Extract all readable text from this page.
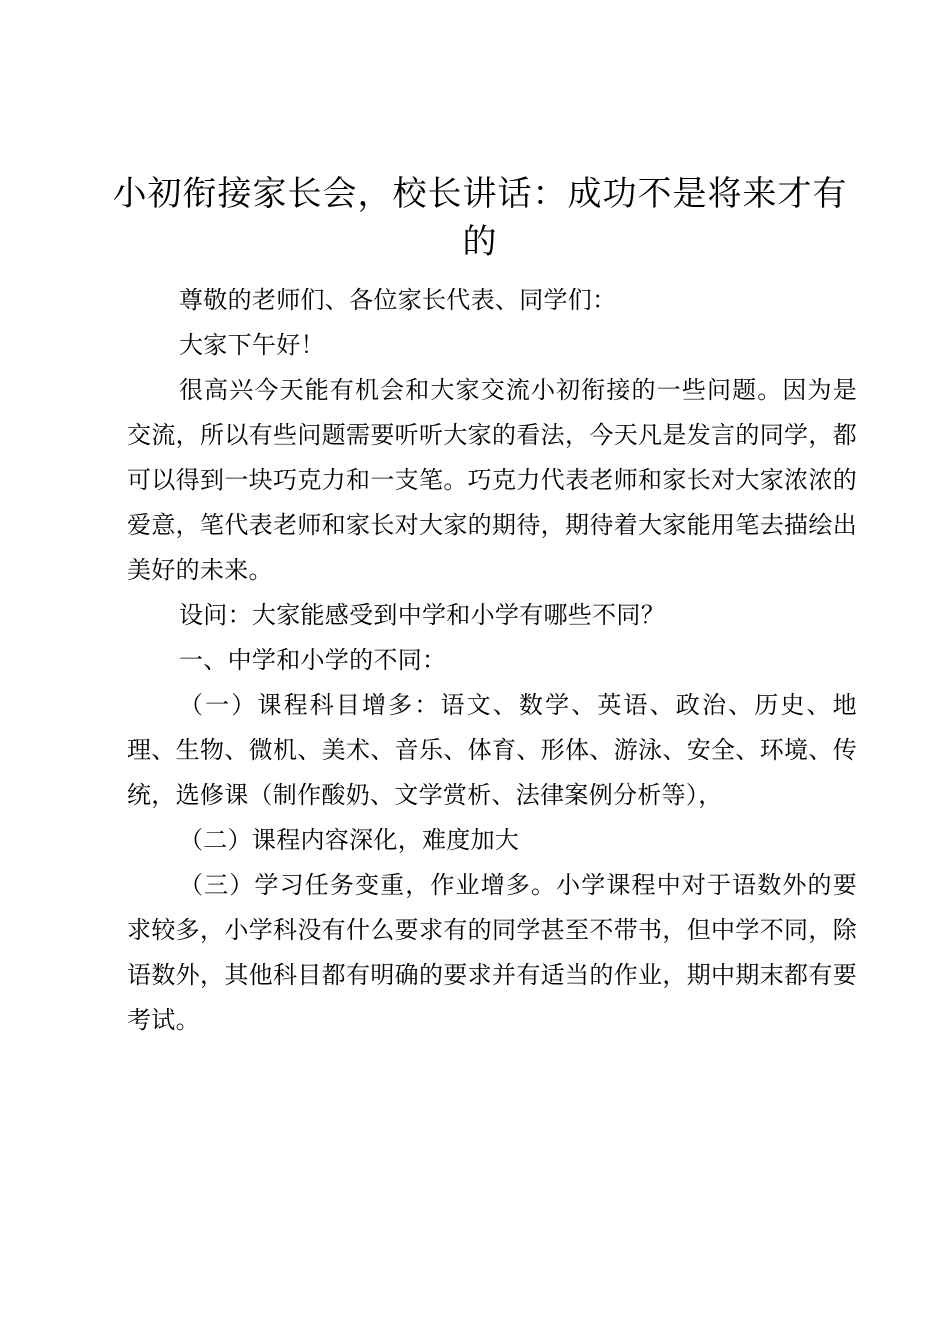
小初衔接家长会，校长讲话：成功不是将来才有的

尊敬的老师们、各位家长代表、同学们：

大家下午好！

很高兴今天能有机会和大家交流小初衔接的一些问题。因为是交流，所以有些问题需要听听大家的看法，今天凡是发言的同学，都可以得到一块巧克力和一支笔。巧克力代表老师和家长对大家浓浓的爱意，笔代表老师和家长对大家的期待，期待着大家能用笔去描绘出美好的未来。

设问：大家能感受到中学和小学有哪些不同？

一、中学和小学的不同：

（一）课程科目增多：语文、数学、英语、政治、历史、地理、生物、微机、美术、音乐、体育、形体、游泳、安全、环境、传统，选修课（制作酸奶、文学赏析、法律案例分析等），

（二）课程内容深化，难度加大

（三）学习任务变重，作业增多。小学课程中对于语数外的要求较多，小学科没有什么要求有的同学甚至不带书，但中学不同，除语数外，其他科目都有明确的要求并有适当的作业，期中期末都有要考试。
